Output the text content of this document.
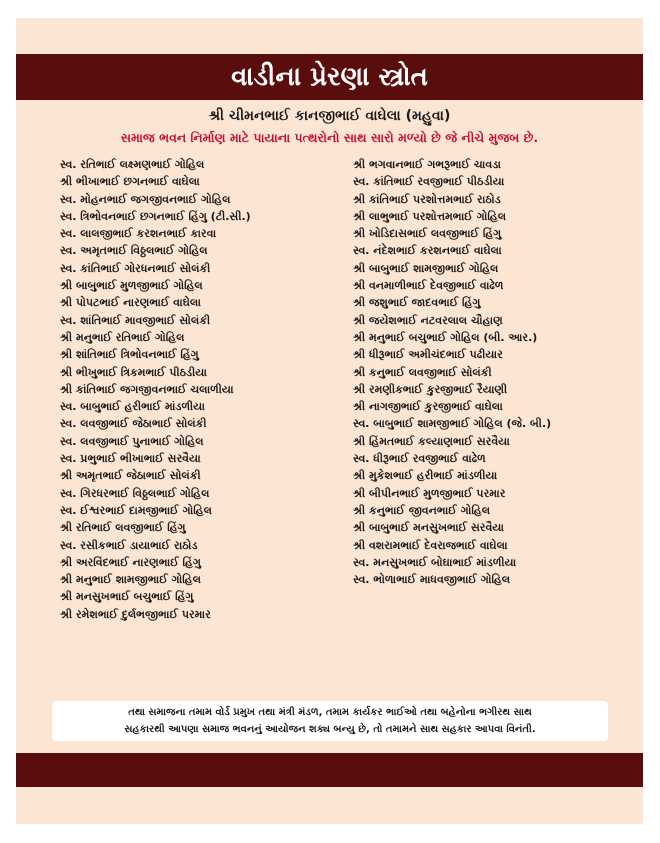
વાડીના પ્રેરણા સ્ત્રોત
શ્રી ચીમનભાઈ કાનજીભાઈ વાઘેલા (મહુવા)
સમાજ ભવન નિર્માણ માટે પાયાના પત્થરોનો સાથ સારો મળ્યો છે જે નીચે મુજબ છે.
સ્વ. રતિભાઈ લક્ષ્મણભાઈ ગોહિલ
શ્રી ભીખાભાઈ છગનભાઈ વાઘેલા
સ્વ. મોહનભાઈ જગજીવનભાઈ ગોહિલ
સ્વ. ત્રિભોવનભાઈ છગનભાઈ હિંગુ (ટી.સી.)
સ્વ. લાલજીભાઈ કરશનભાઈ કારવા
સ્વ. અમૃતભાઈ વિઠ્ઠલભાઈ ગોહિલ
સ્વ. કાંતિભાઈ ગોરધનભાઈ સોલંકી
શ્રી બાબુભાઈ મુળજીભાઈ ગોહિલ
શ્રી પોપટભાઈ નારણભાઈ વાઘેલા
સ્વ. શાંતિભાઈ માવજીભાઈ સોલંકી
શ્રી મનુભાઈ રતિભાઈ ગોહિલ
શ્રી શાંતિભાઈ ત્રિભોવનભાઈ હિંગુ
શ્રી ભીખુભાઈ ત્રિકમભાઈ પીઠડીયા
શ્રી કાંતિભાઈ જગજીવનભાઈ ચલાળીયા
સ્વ. બાબુભાઈ હરીભાઈ માંડળીયા
સ્વ. લવજીભાઈ જેઠાભાઈ સોલંકી
સ્વ. લવજીભાઈ પુનાભાઈ ગોહિલ
સ્વ. પ્રભુભાઈ ભીખાભાઈ સરવૈયા
શ્રી અમૃતભાઈ જેઠાભાઈ સોલંકી
સ્વ. ગિરધરભાઈ વિઠ્ઠલભાઈ ગોહિલ
સ્વ. ઈશ્વરભાઈ દામજીભાઈ ગોહિલ
શ્રી રતિભાઈ લવજીભાઈ હિંગુ
સ્વ. રસીકભાઈ ડાયાભાઈ રાઠોડ
શ્રી અરવિંદભાઈ નારણભાઈ હિંગુ
શ્રી મનુભાઈ શામજીભાઈ ગોહિલ
શ્રી મનસુખભાઈ બચુભાઈ હિંગુ
શ્રી રમેશભાઈ દુર્લભજીભાઈ પરમાર
શ્રી ભગવાનભાઈ ગભરૂભાઈ ચાવડા
સ્વ. કાંતિભાઈ રવજીભાઈ પીઠડીયા
શ્રી કાંતિભાઈ પરશોત્તમભાઈ રાઠોડ
શ્રી લાભુભાઈ પરશોત્તમભાઈ ગોહિલ
શ્રી ખોડિદાસભાઈ લવજીભાઈ હિંગુ
સ્વ. નંદેશભાઈ કરશનભાઈ વાઘેલા
શ્રી બાબુભાઈ શામજીભાઈ ગોહિલ
શ્રી વનમાળીભાઈ દેવજીભાઈ વાઢેળ
શ્રી જશુભાઈ જાદવભાઈ હિંગુ
શ્રી જયેશભાઈ નટવરલાલ ચૌહાણ
શ્રી મનુભાઈ બચુભાઈ ગોહિલ (બી. આર.)
શ્રી ધીરૂભાઈ અમીચંદભાઈ પઢીયાર
શ્રી કનુભાઈ લવજીભાઈ સોલંકી
શ્રી રમણીકભાઈ કુરજીભાઈ રૈયાણી
શ્રી નાગજીભાઈ કુરજીભાઈ વાઘેલા
સ્વ. બાબુભાઈ શામજીભાઈ ગોહિલ (જે. બી.)
શ્રી હિંમતભાઈ કલ્યાણભાઈ સરવૈયા
સ્વ. ધીરૂભાઈ રવજીભાઈ વાઢેળ
શ્રી મુકેશભાઈ હરીભાઈ માંડળીયા
શ્રી બીપીનભાઈ મુળજીભાઈ પરમાર
શ્રી કનુભાઈ જીવનભાઈ ગોહિલ
શ્રી બાબુભાઈ મનસુખભાઈ સરવૈયા
શ્રી વશરામભાઈ દેવરાજભાઈ વાઘેલા
સ્વ. મનસુખભાઈ બોઘાભાઈ માંડળીયા
સ્વ. ભોળાભાઈ માધવજીભાઈ ગોહિલ
તથા સમાજના તમામ વોર્ડ પ્રમુખ તથા મંત્રી મંડળ, તમામ કાર્યકર ભાઈઓ તથા બહેનોના ભગીરથ સાથ
સહકારથી આપણા સમાજ ભવનનું આયોજન શક્ય બન્યુ છે, તો તમામને સાથ સહકાર આપવા વિનંતી.
